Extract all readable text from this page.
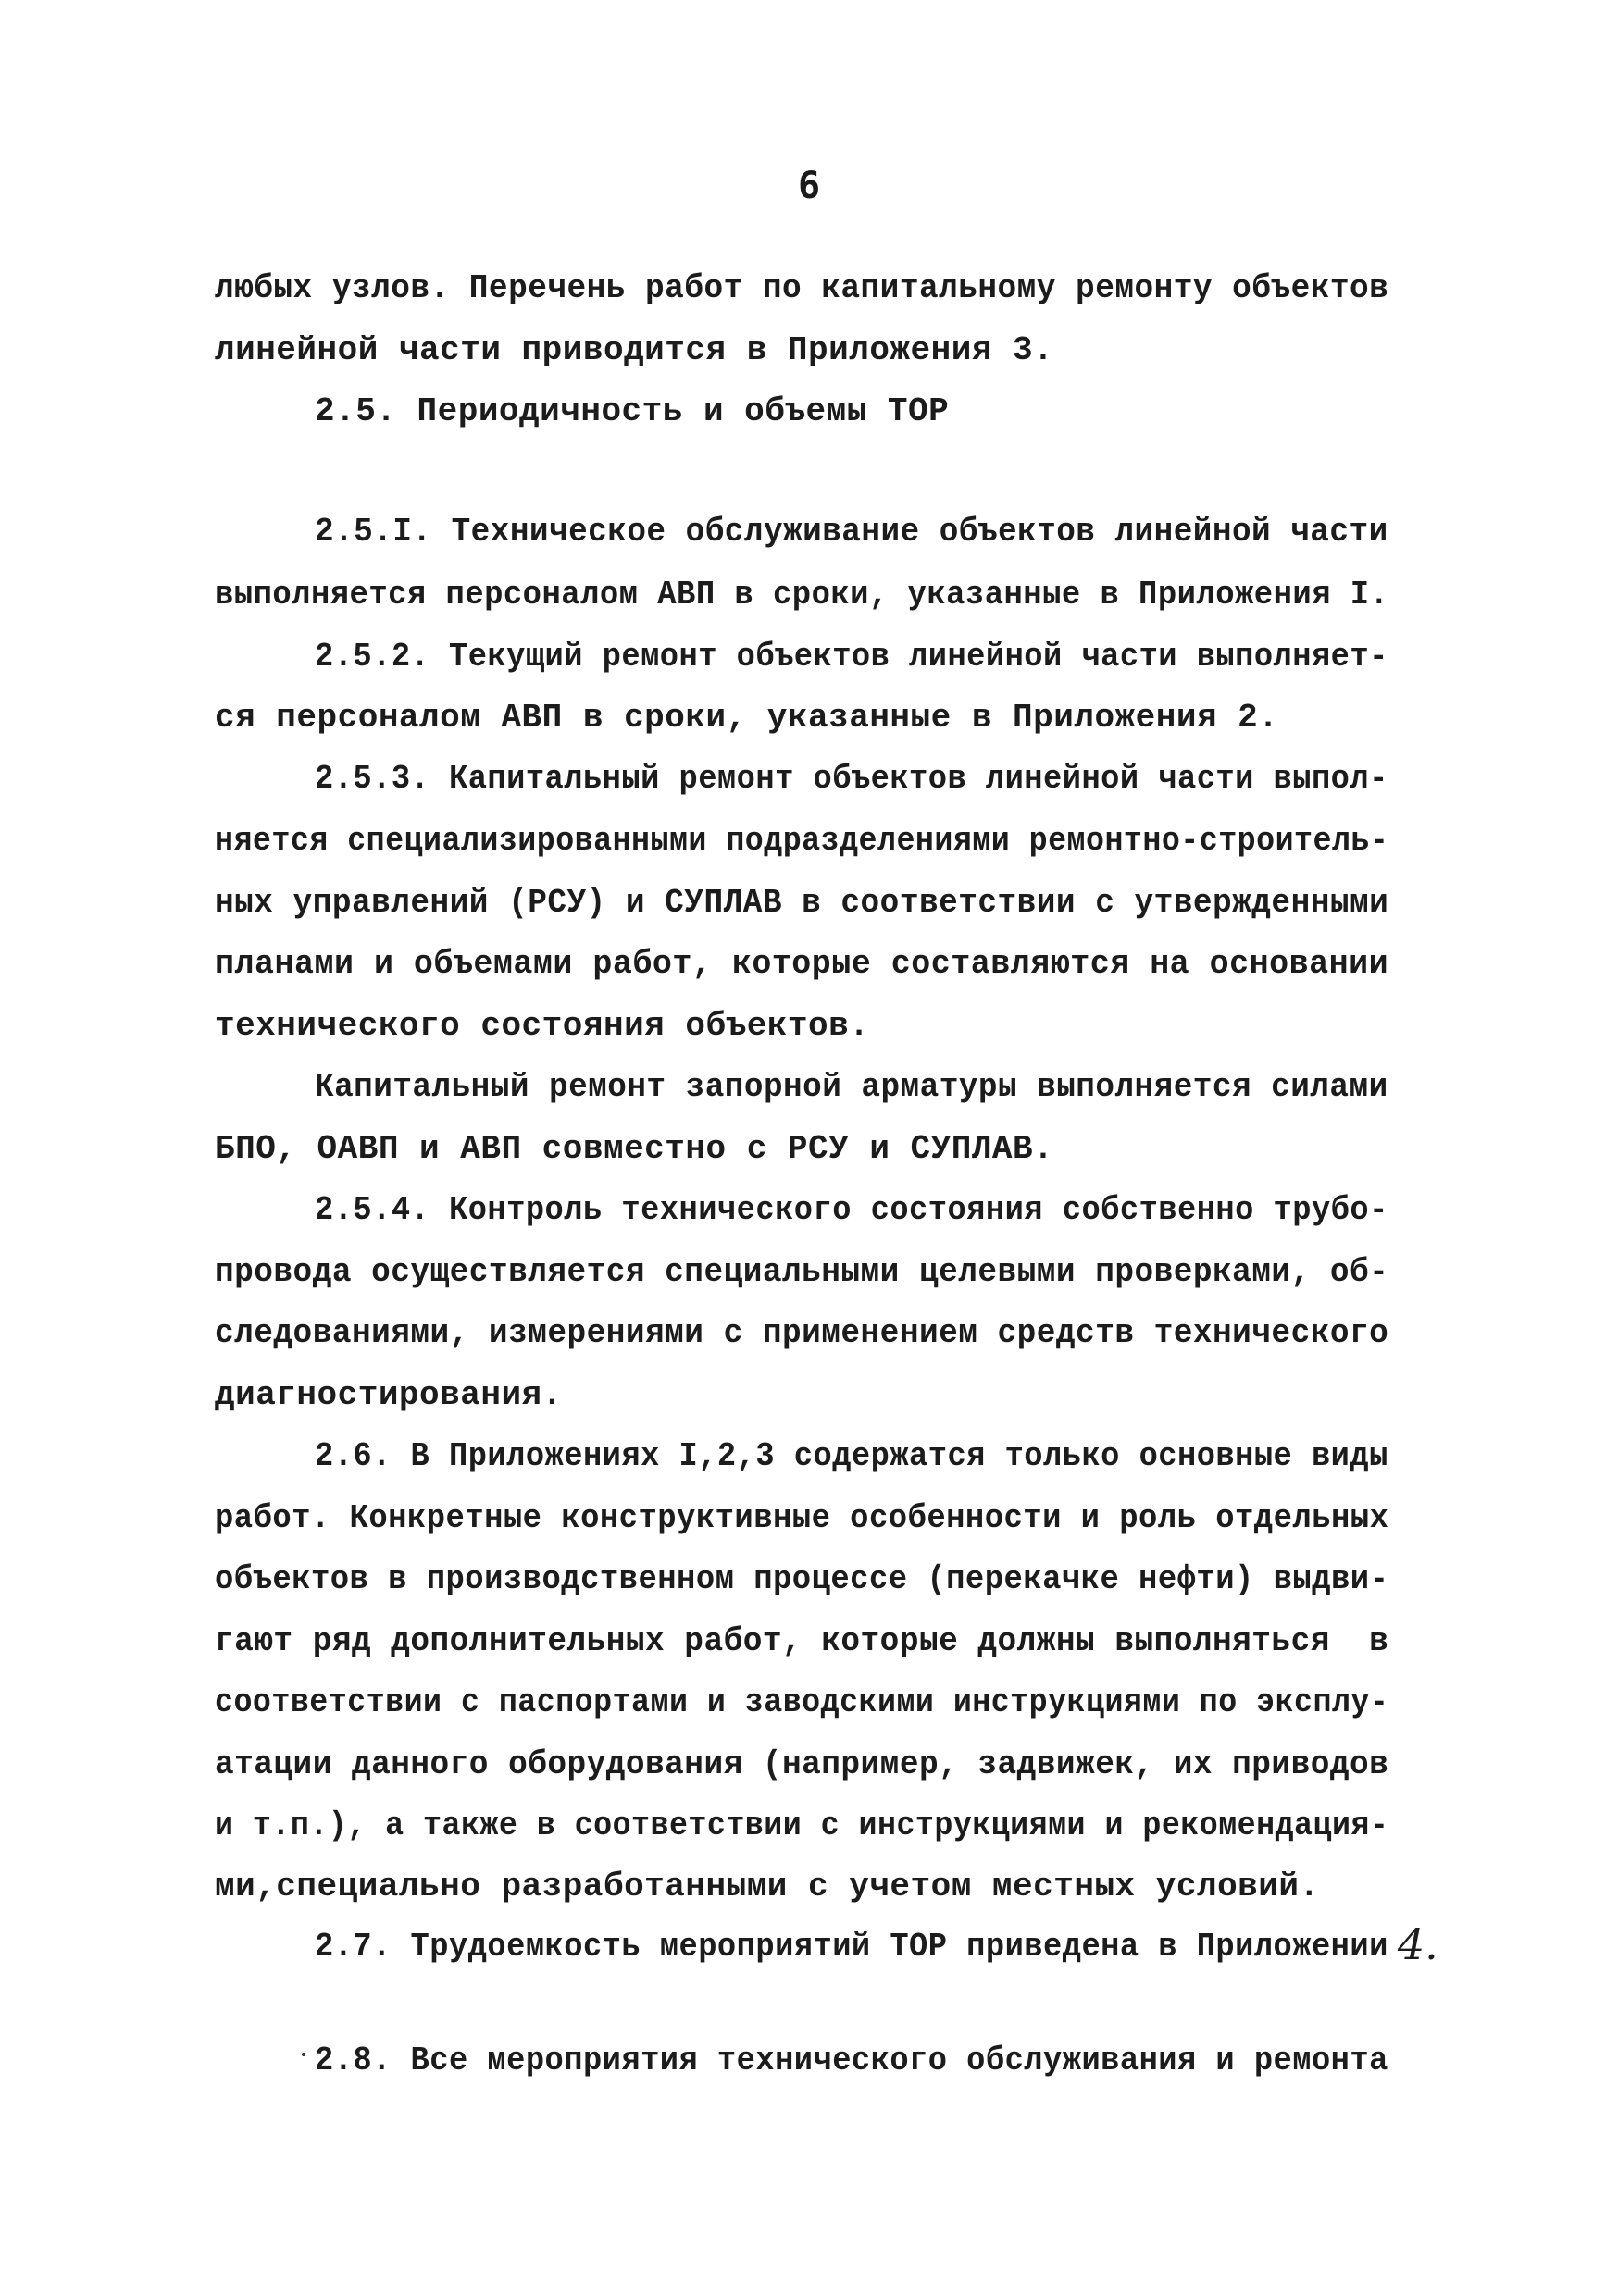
6
любых узлов. Перечень работ по капитальному ремонту объектов
линейной части приводится в Приложения 3.
2.5. Периодичность и объемы ТОР
2.5.I. Техническое обслуживание объектов линейной части
выполняется персоналом АВП в сроки, указанные в Приложения I.
2.5.2. Текущий ремонт объектов линейной части выполняет-
ся персоналом АВП в сроки, указанные в Приложения 2.
2.5.3. Капитальный ремонт объектов линейной части выпол-
няется специализированными подразделениями ремонтно-строитель-
ных управлений (РСУ) и СУПЛАВ в соответствии с утвержденными
планами и объемами работ, которые составляются на основании
технического состояния объектов.
Капитальный ремонт запорной арматуры выполняется силами
БПО, ОАВП и АВП совместно с РСУ и СУПЛАВ.
2.5.4. Контроль технического состояния собственно трубо-
провода осуществляется специальными целевыми проверками, об-
следованиями, измерениями с применением средств технического
диагностирования.
2.6. В Приложениях I,2,3 содержатся только основные виды
работ. Конкретные конструктивные особенности и роль отдельных
объектов в производственном процессе (перекачке нефти) выдви-
гают ряд дополнительных работ, которые должны выполняться  в
соответствии с паспортами и заводскими инструкциями по эксплу-
атации данного оборудования (например, задвижек, их приводов
и т.п.), а также в соответствии с инструкциями и рекомендация-
ми,специально разработанными с учетом местных условий.
2.7. Трудоемкость мероприятий ТОР приведена в Приложении 4.
2.8. Все мероприятия технического обслуживания и ремонта
